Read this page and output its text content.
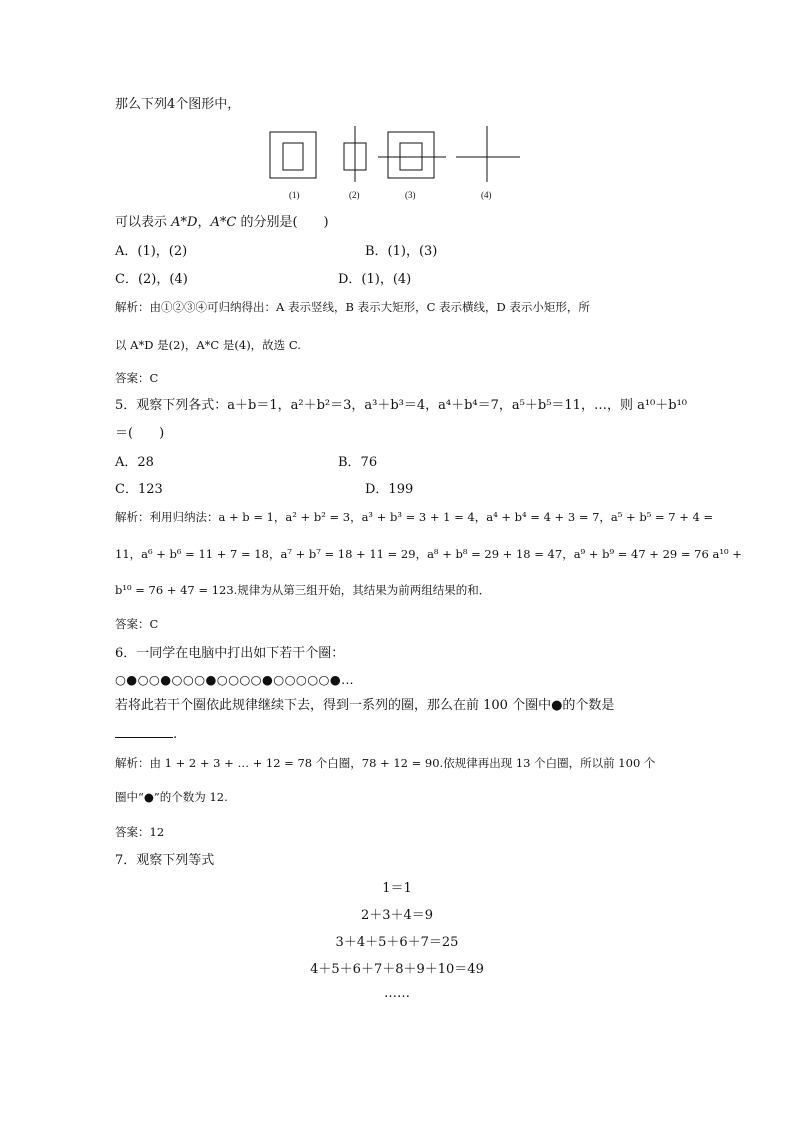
那么下列4个图形中，
(1)	(2)	(3)	(4)
可以表示 A*D，A*C 的分别是(　　)
A．(1)，(2)	B．(1)，(3)
C．(2)，(4)	D．(1)，(4)
解析：由①②③④可归纳得出：A 表示竖线，B 表示大矩形，C 表示横线，D 表示小矩形，所
以 A*D 是(2)，A*C 是(4)，故选 C.
答案：C
5．观察下列各式：a＋b＝1，a²＋b²＝3，a³＋b³＝4，a⁴＋b⁴＝7，a⁵＋b⁵＝11，…，则 a¹⁰＋b¹⁰
＝(　　)
A．28	B．76
C．123	D．199
解析：利用归纳法：a + b = 1，a² + b² = 3，a³ + b³ = 3 + 1 = 4，a⁴ + b⁴ = 4 + 3 = 7，a⁵ + b⁵ = 7 + 4 =
11，a⁶ + b⁶ = 11 + 7 = 18，a⁷ + b⁷ = 18 + 11 = 29，a⁸ + b⁸ = 29 + 18 = 47，a⁹ + b⁹ = 47 + 29 = 76 a¹⁰ +
b¹⁰ = 76 + 47 = 123.规律为从第三组开始，其结果为前两组结果的和．
答案：C
6．一同学在电脑中打出如下若干个圈：
○●○○●○○○●○○○○●○○○○○●…
若将此若干个圈依此规律继续下去，得到一系列的圈，那么在前 100 个圈中●的个数是
.
解析：由 1 + 2 + 3 + … + 12 = 78 个白圈，78 + 12 = 90.依规律再出现 13 个白圈，所以前 100 个
圈中“●”的个数为 12.
答案：12
7．观察下列等式
1＝1
2＋3＋4＝9
3＋4＋5＋6＋7＝25
4＋5＋6＋7＋8＋9＋10＝49
……
